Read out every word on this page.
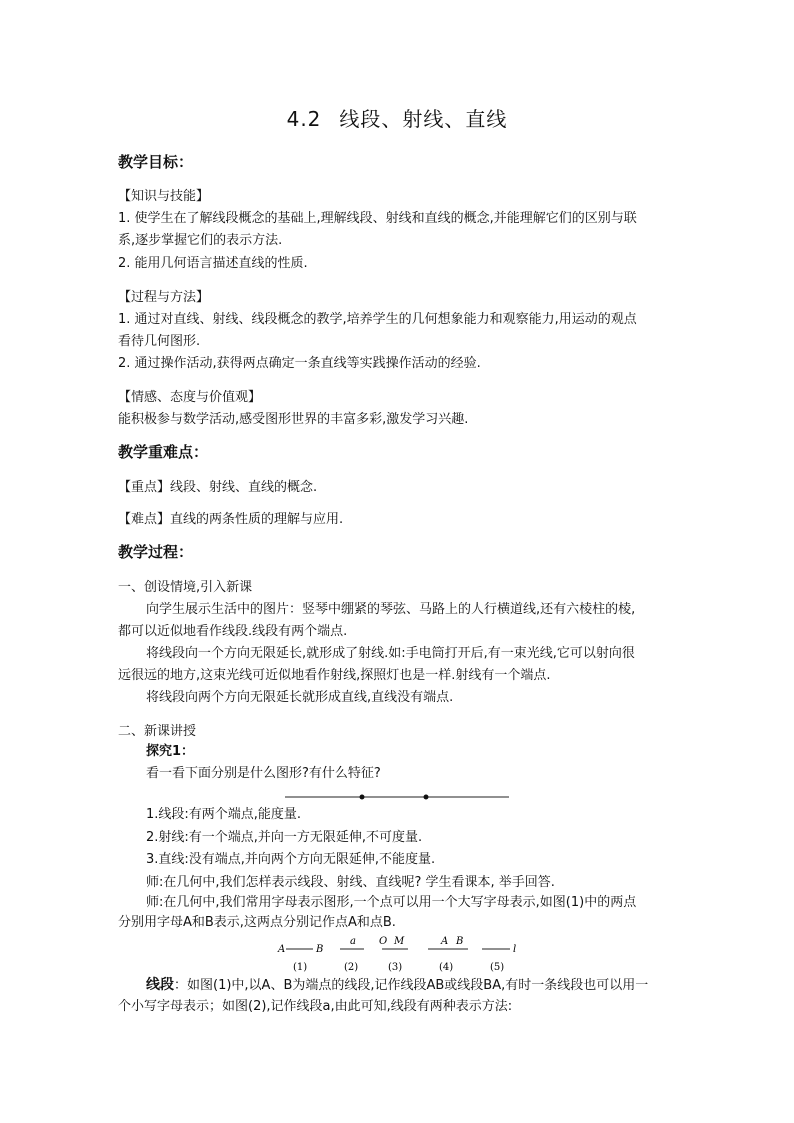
4.2 线段、射线、直线
教学目标：
【知识与技能】
1. 使学生在了解线段概念的基础上,理解线段、射线和直线的概念,并能理解它们的区别与联
系,逐步掌握它们的表示方法.
2. 能用几何语言描述直线的性质.
【过程与方法】
1. 通过对直线、射线、线段概念的教学,培养学生的几何想象能力和观察能力,用运动的观点
看待几何图形.
2. 通过操作活动,获得两点确定一条直线等实践操作活动的经验.
【情感、态度与价值观】
能积极参与数学活动,感受图形世界的丰富多彩,激发学习兴趣.
教学重难点：
【重点】线段、射线、直线的概念.
【难点】直线的两条性质的理解与应用.
教学过程：
一、创设情境,引入新课
向学生展示生活中的图片：竖琴中绷紧的琴弦、马路上的人行横道线,还有六棱柱的棱,
都可以近似地看作线段.线段有两个端点.
将线段向一个方向无限延长,就形成了射线.如:手电筒打开后,有一束光线,它可以射向很
远很远的地方,这束光线可近似地看作射线,探照灯也是一样.射线有一个端点.
将线段向两个方向无限延长就形成直线,直线没有端点.
二、新课讲授
探究1：
看一看下面分别是什么图形?有什么特征?
1.线段:有两个端点,能度量.
2.射线:有一个端点,并向一方无限延伸,不可度量.
3.直线:没有端点,并向两个方向无限延伸,不能度量.
师:在几何中,我们怎样表示线段、射线、直线呢? 学生看课本, 举手回答.
师:在几何中,我们常用字母表示图形,一个点可以用一个大写字母表示,如图(1)中的两点
分别用字母A和B表示,这两点分别记作点A和点B.
A	B
(1)
a
(2)
O M
(3)
A B
(4)
l
(5)
线段：如图(1)中,以A、B为端点的线段,记作线段AB或线段BA,有时一条线段也可以用一
个小写字母表示；如图(2),记作线段a,由此可知,线段有两种表示方法:
